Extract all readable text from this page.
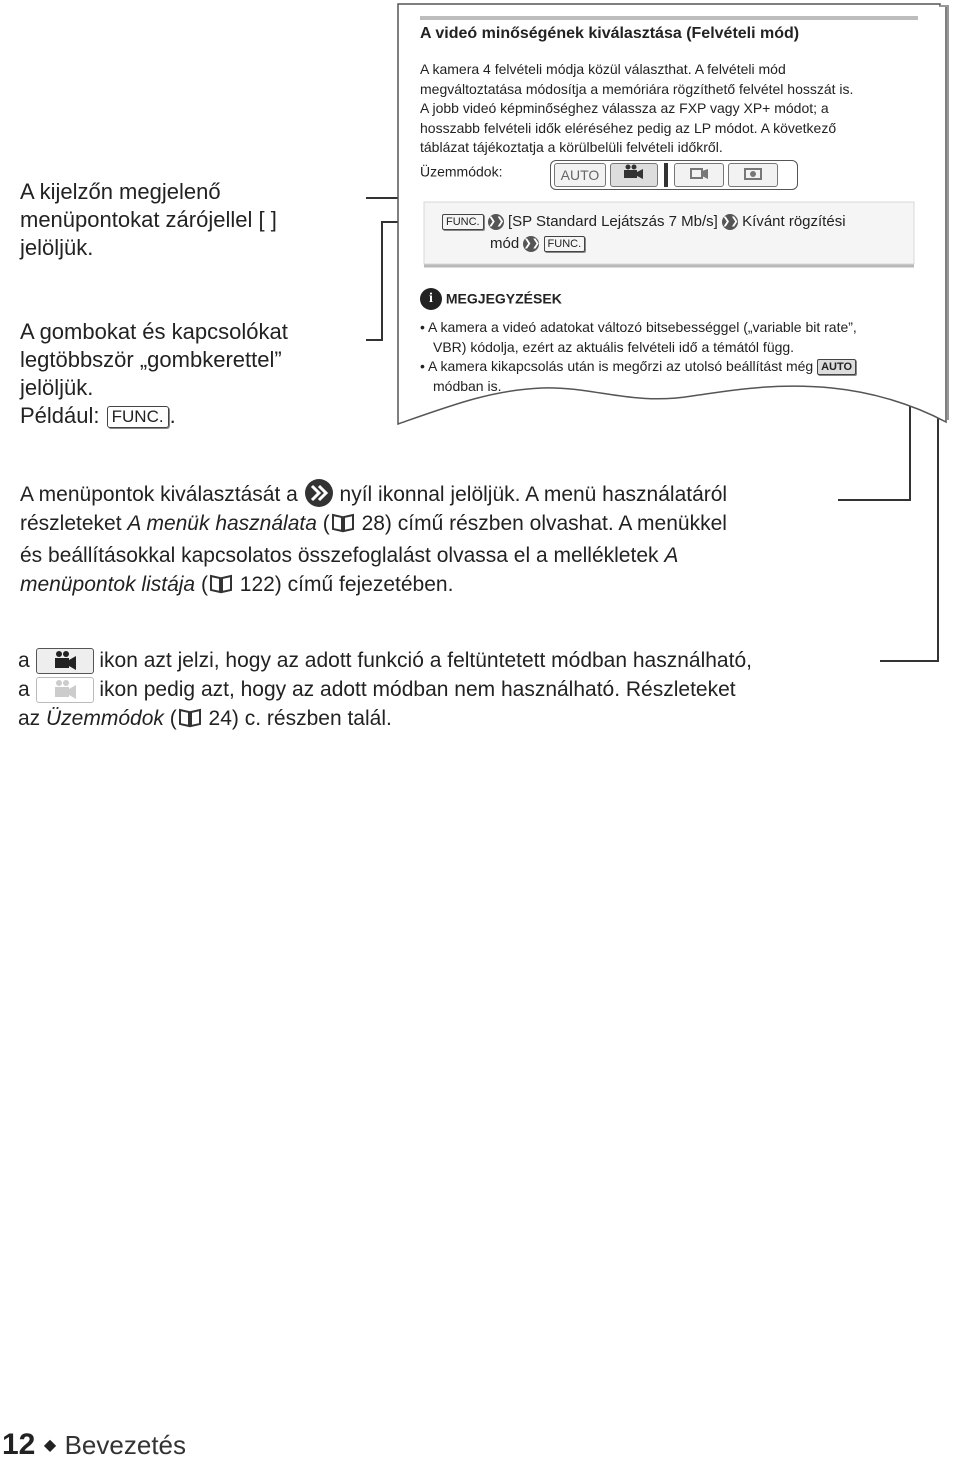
A kijelzőn megjelenő
menüpontokat zárójellel [ ]
jelöljük.
A gombokat és kapcsolókat
legtöbbször „gombkerettel”
jelöljük.
Például: FUNC. .
A videó minőségének kiválasztása (Felvételi mód)
A kamera 4 felvételi módja közül választhat. A felvételi mód
megváltoztatása módosítja a memóriára rögzíthető felvétel hosszát is.
A jobb videó képminőséghez válassza az FXP vagy XP+ módot; a
hosszabb felvételi idők eléréséhez pedig az LP módot. A következő
táblázat tájékoztatja a körülbelüli felvételi időkről.
Üzemmódok:	AUTO
FUNC. ❯❯ [SP Standard Lejátszás 7 Mb/s] ❯❯ Kívánt rögzítési
mód ❯❯ FUNC.
i MEGJEGYZÉSEK
• A kamera a videó adatokat változó bitsebességgel („variable bit rate”,
VBR) kódolja, ezért az aktuális felvételi idő a témától függ.
• A kamera kikapcsolás után is megőrzi az utolsó beállítást még AUTO
módban is.
A menüpontok kiválasztását a nyíl ikonnal jelöljük. A menü használatáról
részleteket A menük használata ( 28) című részben olvashat. A menükkel
és beállításokkal kapcsolatos összefoglalást olvassa el a mellékletek A
menüpontok listája ( 122) című fejezetében.
a	ikon azt jelzi, hogy az adott funkció a feltüntetett módban használható,
a	ikon pedig azt, hogy az adott módban nem használható. Részleteket
az Üzemmódok ( 24) c. részben talál.
12 ◆ Bevezetés
